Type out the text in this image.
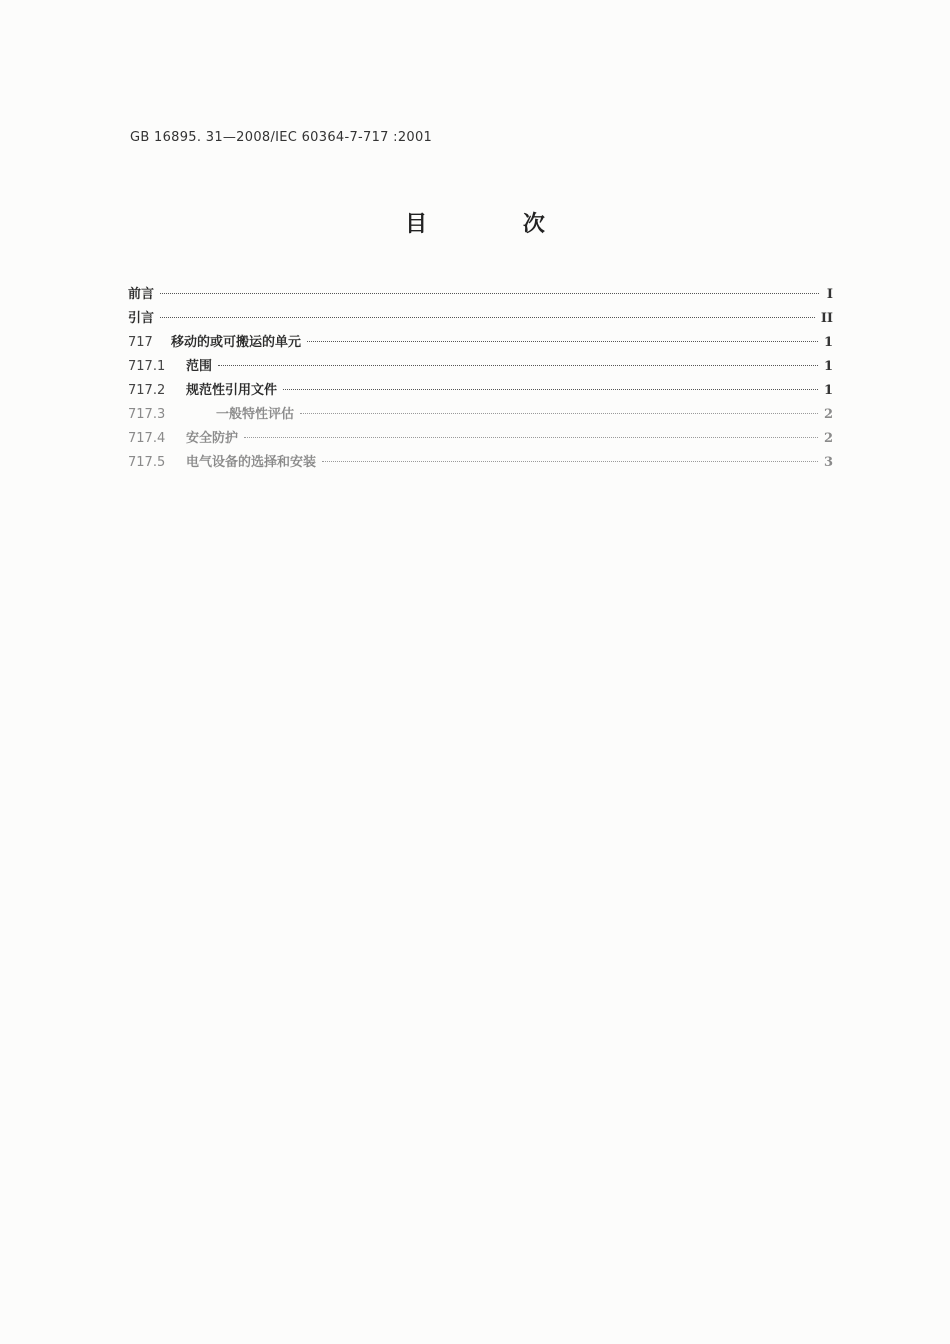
GB 16895. 31—2008/IEC 60364-7-717 :2001
目 次
前言	I
引言	II
717	移动的或可搬运的单元	1
717.1	范围	1
717.2	规范性引用文件	1
717.3	一般特性评估	2
717.4	安全防护	2
717.5	电气设备的选择和安装	3
